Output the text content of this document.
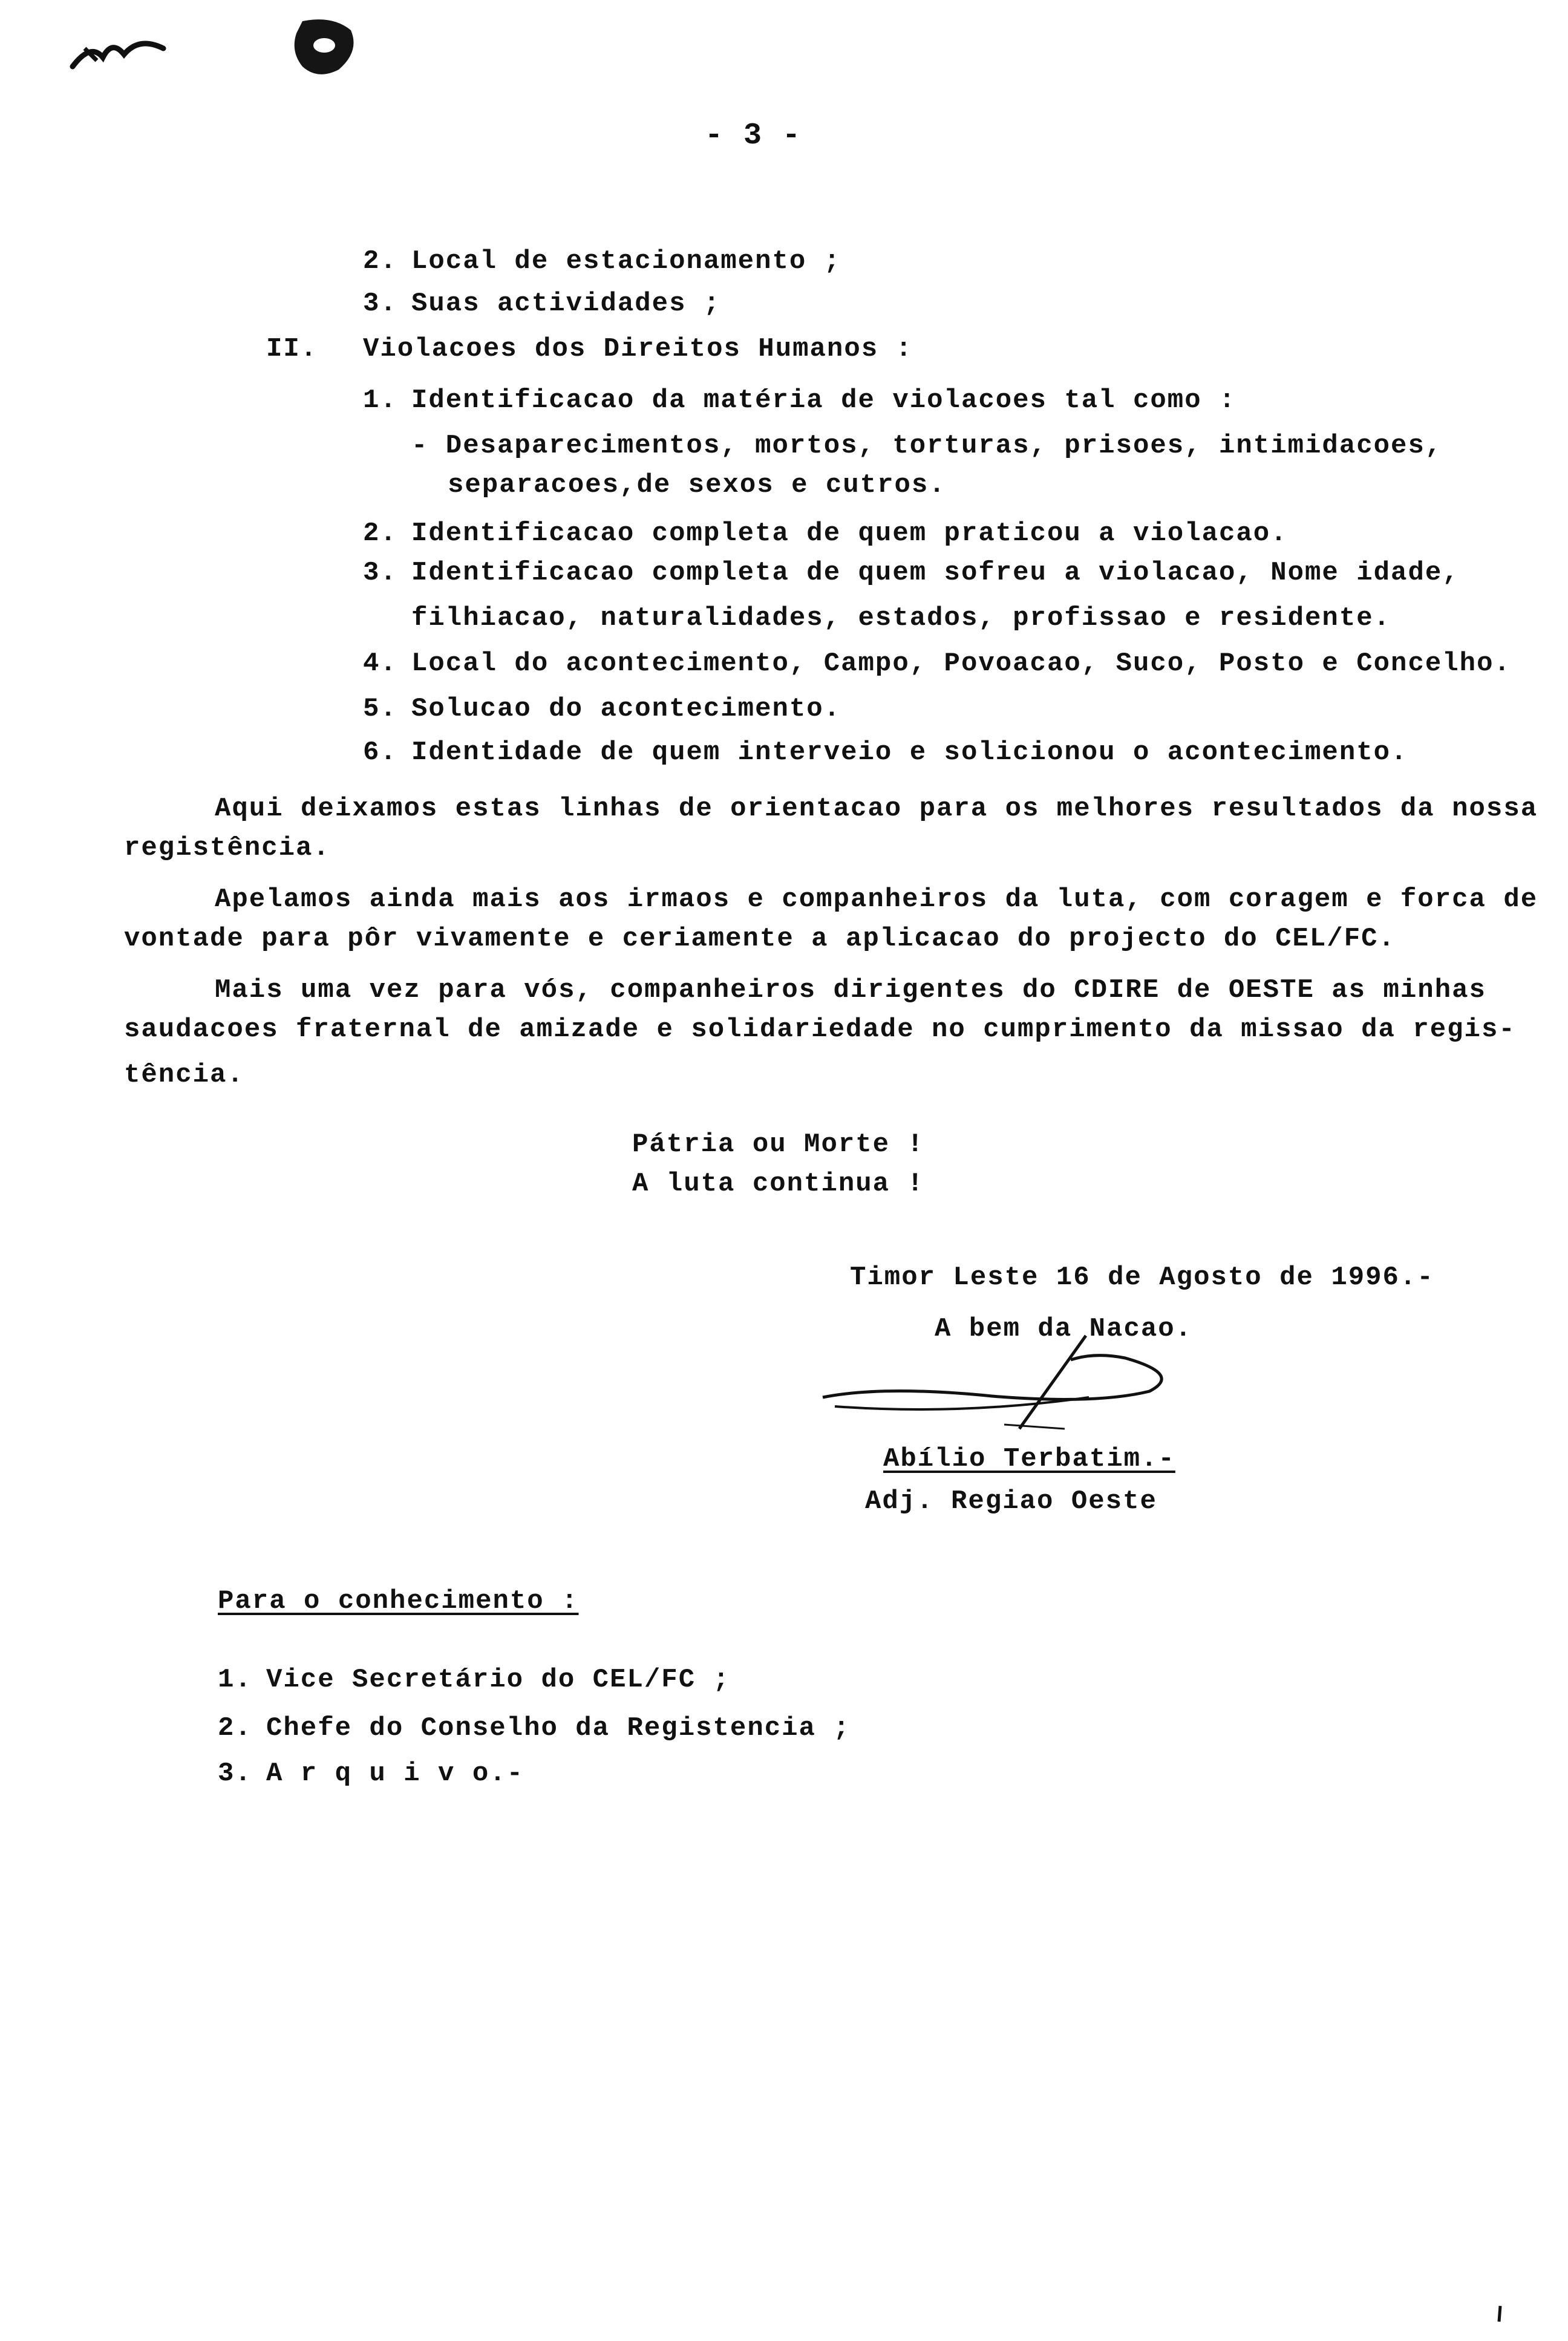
- 3 -
2. Local de estacionamento ;
3. Suas actividades ;
II. Violacoes dos Direitos Humanos :
1. Identificacao da matéria de violacoes tal como :
- Desaparecimentos, mortos, torturas, prisoes, intimidacoes,
separacoes,de sexos e cutros.
2. Identificacao completa de quem praticou a violacao.
3. Identificacao completa de quem sofreu a violacao, Nome idade,
filhiacao, naturalidades, estados, profissao e residente.
4. Local do acontecimento, Campo, Povoacao, Suco, Posto e Concelho.
5. Solucao do acontecimento.
6. Identidade de quem interveio e solicionou o acontecimento.
Aqui deixamos estas linhas de orientacao para os melhores resultados da nossa
registência.
Apelamos ainda mais aos irmaos e companheiros da luta, com coragem e forca de
vontade para pôr vivamente e ceriamente a aplicacao do projecto do CEL/FC.
Mais uma vez para vós, companheiros dirigentes do CDIRE de OESTE as minhas
saudacoes fraternal de amizade e solidariedade no cumprimento da missao da regis-
tência.
Pátria ou Morte !
A luta continua !
Timor Leste 16 de Agosto de 1996.-
A bem da Nacao.
Abílio Terbatim.-
Adj. Regiao Oeste
Para o conhecimento :
1. Vice Secretário do CEL/FC ;
2. Chefe do Conselho da Registencia ;
3. A r q u i v o.-
